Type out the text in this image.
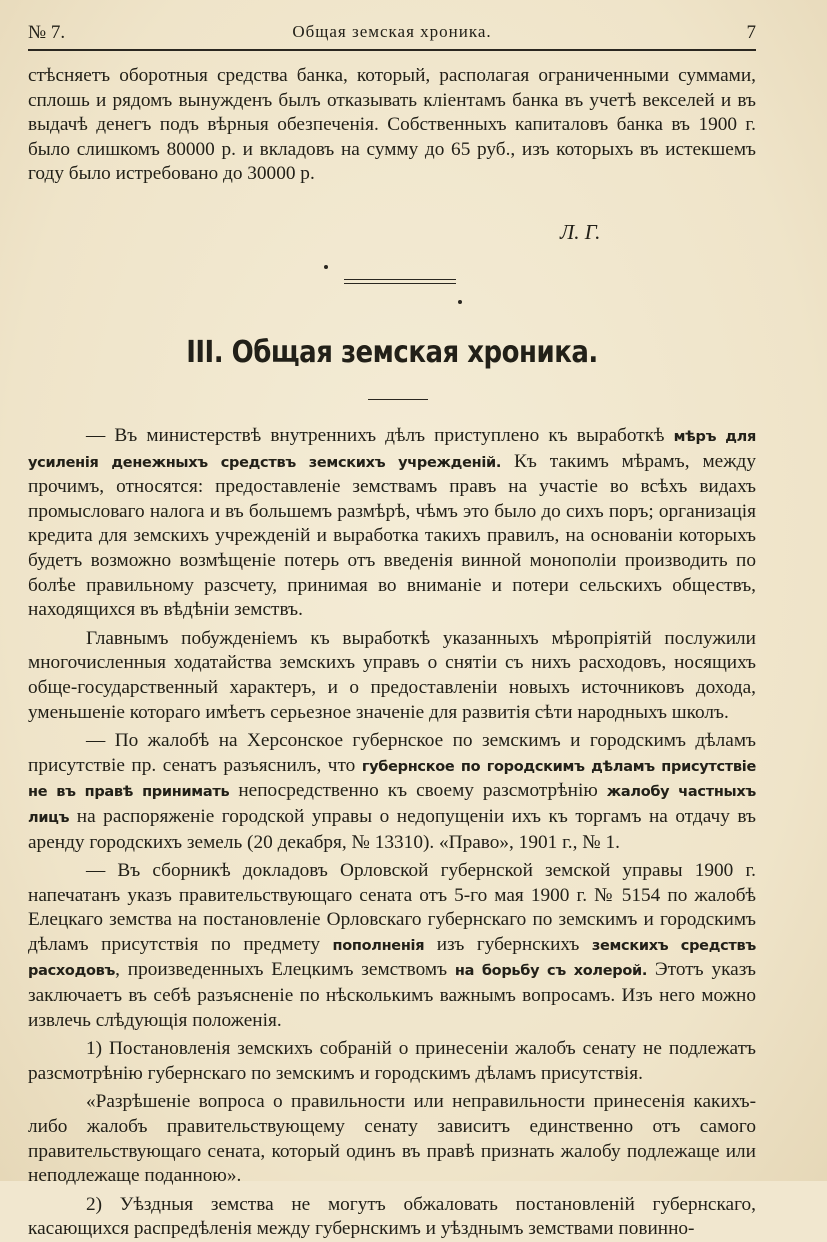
№ 7.	Общая земская хроника.	7

стѣсняетъ оборотныя средства банка, который, располагая ограниченными суммами, сплошь и рядомъ вынужденъ былъ отказывать кліентамъ банка въ учетѣ векселей и въ выдачѣ денегъ подъ вѣрныя обезпеченія. Собственныхъ капиталовъ банка въ 1900 г. было слишкомъ 80000 р. и вкладовъ на сумму до 65 руб., изъ которыхъ въ истекшемъ году было истребовано до 30000 р.

Л. Г.
III. Общая земская хроника.

— Въ министерствѣ внутреннихъ дѣлъ приступлено къ выработкѣ мѣръ для усиленія денежныхъ средствъ земскихъ учрежденій. Къ такимъ мѣрамъ, между прочимъ, относятся: предоставленіе земствамъ правъ на участіе во всѣхъ видахъ промысловаго налога и въ большемъ размѣрѣ, чѣмъ это было до сихъ поръ; организація кредита для земскихъ учрежденій и выработка такихъ правилъ, на основаніи которыхъ будетъ возможно возмѣщеніе потерь отъ введенія винной монополіи производить по болѣе правильному разсчету, принимая во вниманіе и потери сельскихъ обществъ, находящихся въ вѣдѣніи земствъ.

Главнымъ побужденіемъ къ выработкѣ указанныхъ мѣропріятій послужили многочисленныя ходатайства земскихъ управъ о снятіи съ нихъ расходовъ, носящихъ обще-государственный характеръ, и о предоставленіи новыхъ источниковъ дохода, уменьшеніе котораго имѣетъ серьезное значеніе для развитія сѣти народныхъ школъ.

— По жалобѣ на Херсонское губернское по земскимъ и городскимъ дѣламъ присутствіе пр. сенатъ разъяснилъ, что губернское по городскимъ дѣламъ присутствіе не въ правѣ принимать непосредственно къ своему разсмотрѣнію жалобу частныхъ лицъ на распоряженіе городской управы о недопущеніи ихъ къ торгамъ на отдачу въ аренду городскихъ земель (20 декабря, № 13310). «Право», 1901 г., № 1.

— Въ сборникѣ докладовъ Орловской губернской земской управы 1900 г. напечатанъ указъ правительствующаго сената отъ 5-го мая 1900 г. № 5154 по жалобѣ Елецкаго земства на постановленіе Орловскаго губернскаго по земскимъ и городскимъ дѣламъ присутствія по предмету пополненія изъ губернскихъ земскихъ средствъ расходовъ, произведенныхъ Елецкимъ земствомъ на борьбу съ холерой. Этотъ указъ заключаетъ въ себѣ разъясненіе по нѣсколькимъ важнымъ вопросамъ. Изъ него можно извлечь слѣдующія положенія.

1) Постановленія земскихъ собраній о принесеніи жалобъ сенату не подлежатъ разсмотрѣнію губернскаго по земскимъ и городскимъ дѣламъ присутствія.

«Разрѣшеніе вопроса о правильности или неправильности принесенія какихъ-либо жалобъ правительствующему сенату зависитъ единственно отъ самого правительствующаго сената, который одинъ въ правѣ признать жалобу подлежаще или неподлежаще поданною».

2) Уѣздныя земства не могутъ обжаловать постановленій губернскаго, касающихся распредѣленія между губернскимъ и уѣзднымъ земствами повинно-
